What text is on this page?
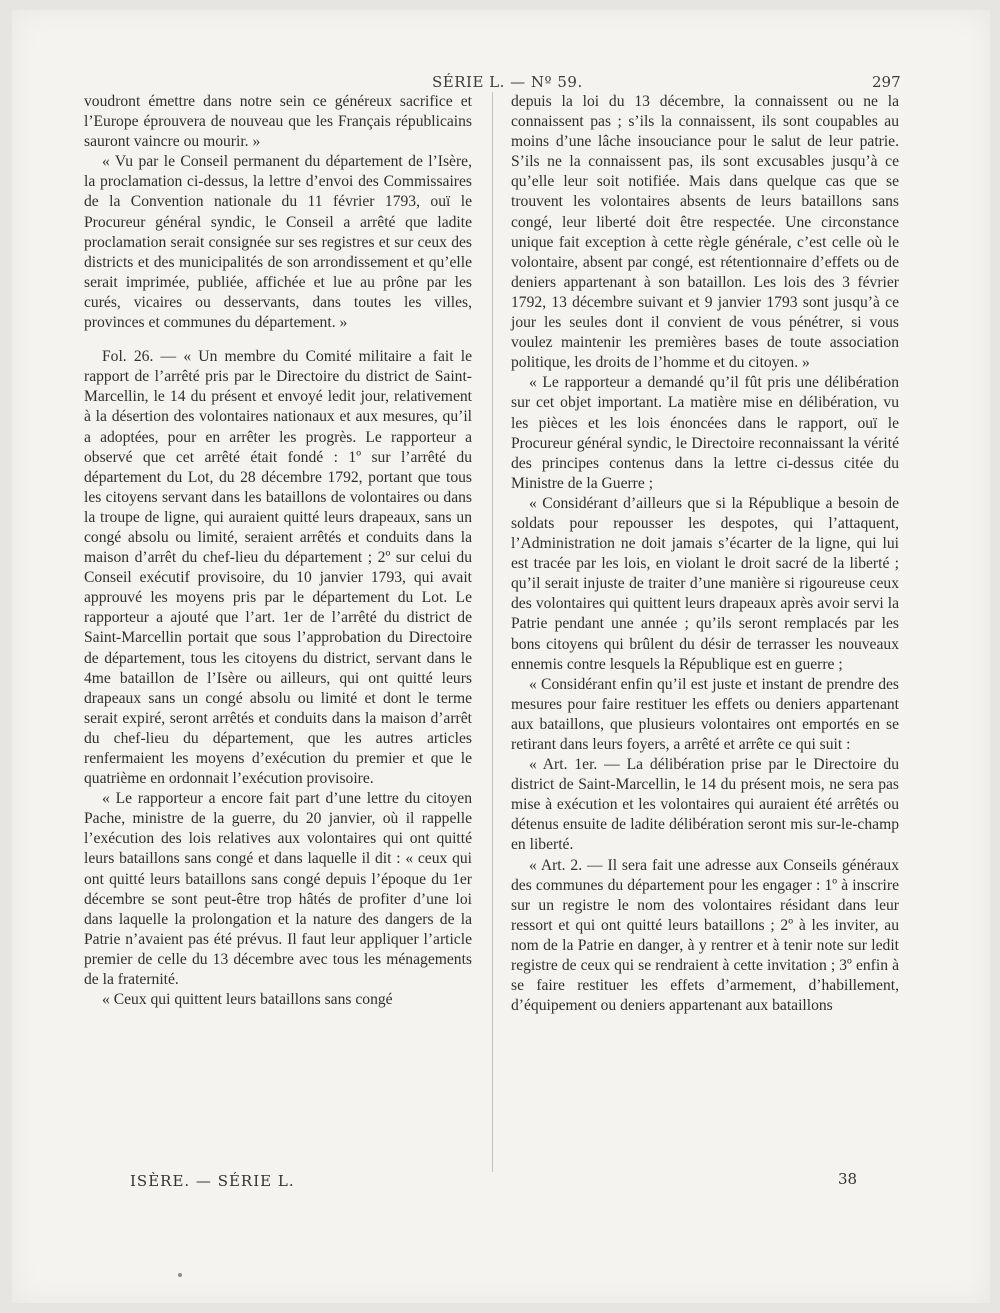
SÉRIE L. — Nº 59.	297

voudront émettre dans notre sein ce généreux sacrifice et l’Europe éprouvera de nouveau que les Français républicains sauront vaincre ou mourir. »

« Vu par le Conseil permanent du département de l’Isère, la proclamation ci-dessus, la lettre d’envoi des Commissaires de la Convention nationale du 11 février 1793, ouï le Procureur général syndic, le Conseil a arrêté que ladite proclamation serait consignée sur ses registres et sur ceux des districts et des municipalités de son arrondissement et qu’elle serait imprimée, publiée, affichée et lue au prône par les curés, vicaires ou desservants, dans toutes les villes, provinces et communes du département. »

Fol. 26. — « Un membre du Comité militaire a fait le rapport de l’arrêté pris par le Directoire du district de Saint-Marcellin, le 14 du présent et envoyé ledit jour, relativement à la désertion des volontaires nationaux et aux mesures, qu’il a adoptées, pour en arrêter les progrès. Le rapporteur a observé que cet arrêté était fondé : 1º sur l’arrêté du département du Lot, du 28 décembre 1792, portant que tous les citoyens servant dans les bataillons de volontaires ou dans la troupe de ligne, qui auraient quitté leurs drapeaux, sans un congé absolu ou limité, seraient arrêtés et conduits dans la maison d’arrêt du chef-lieu du département ; 2º sur celui du Conseil exécutif provisoire, du 10 janvier 1793, qui avait approuvé les moyens pris par le département du Lot. Le rapporteur a ajouté que l’art. 1er de l’arrêté du district de Saint-Marcellin portait que sous l’approbation du Directoire de département, tous les citoyens du district, servant dans le 4me bataillon de l’Isère ou ailleurs, qui ont quitté leurs drapeaux sans un congé absolu ou limité et dont le terme serait expiré, seront arrêtés et conduits dans la maison d’arrêt du chef-lieu du département, que les autres articles renfermaient les moyens d’exécution du premier et que le quatrième en ordonnait l’exécution provisoire.

« Le rapporteur a encore fait part d’une lettre du citoyen Pache, ministre de la guerre, du 20 janvier, où il rappelle l’exécution des lois relatives aux volontaires qui ont quitté leurs bataillons sans congé et dans laquelle il dit : « ceux qui ont quitté leurs bataillons sans congé depuis l’époque du 1er décembre se sont peut-être trop hâtés de profiter d’une loi dans laquelle la prolongation et la nature des dangers de la Patrie n’avaient pas été prévus. Il faut leur appliquer l’article premier de celle du 13 décembre avec tous les ménagements de la fraternité.

« Ceux qui quittent leurs bataillons sans congé

depuis la loi du 13 décembre, la connaissent ou ne la connaissent pas ; s’ils la connaissent, ils sont coupables au moins d’une lâche insouciance pour le salut de leur patrie. S’ils ne la connaissent pas, ils sont excusables jusqu’à ce qu’elle leur soit notifiée. Mais dans quelque cas que se trouvent les volontaires absents de leurs bataillons sans congé, leur liberté doit être respectée. Une circonstance unique fait exception à cette règle générale, c’est celle où le volontaire, absent par congé, est rétentionnaire d’effets ou de deniers appartenant à son bataillon. Les lois des 3 février 1792, 13 décembre suivant et 9 janvier 1793 sont jusqu’à ce jour les seules dont il convient de vous pénétrer, si vous voulez maintenir les premières bases de toute association politique, les droits de l’homme et du citoyen. »

« Le rapporteur a demandé qu’il fût pris une délibération sur cet objet important. La matière mise en délibération, vu les pièces et les lois énoncées dans le rapport, ouï le Procureur général syndic, le Directoire reconnaissant la vérité des principes contenus dans la lettre ci-dessus citée du Ministre de la Guerre ;

« Considérant d’ailleurs que si la République a besoin de soldats pour repousser les despotes, qui l’attaquent, l’Administration ne doit jamais s’écarter de la ligne, qui lui est tracée par les lois, en violant le droit sacré de la liberté ; qu’il serait injuste de traiter d’une manière si rigoureuse ceux des volontaires qui quittent leurs drapeaux après avoir servi la Patrie pendant une année ; qu’ils seront remplacés par les bons citoyens qui brûlent du désir de terrasser les nouveaux ennemis contre lesquels la République est en guerre ;

« Considérant enfin qu’il est juste et instant de prendre des mesures pour faire restituer les effets ou deniers appartenant aux bataillons, que plusieurs volontaires ont emportés en se retirant dans leurs foyers, a arrêté et arrête ce qui suit :

« Art. 1er. — La délibération prise par le Directoire du district de Saint-Marcellin, le 14 du présent mois, ne sera pas mise à exécution et les volontaires qui auraient été arrêtés ou détenus ensuite de ladite délibération seront mis sur-le-champ en liberté.

« Art. 2. — Il sera fait une adresse aux Conseils généraux des communes du département pour les engager : 1º à inscrire sur un registre le nom des volontaires résidant dans leur ressort et qui ont quitté leurs bataillons ; 2º à les inviter, au nom de la Patrie en danger, à y rentrer et à tenir note sur ledit registre de ceux qui se rendraient à cette invitation ; 3º enfin à se faire restituer les effets d’armement, d’habillement, d’équipement ou deniers appartenant aux bataillons

ISÈRE. — SÉRIE L.	38
